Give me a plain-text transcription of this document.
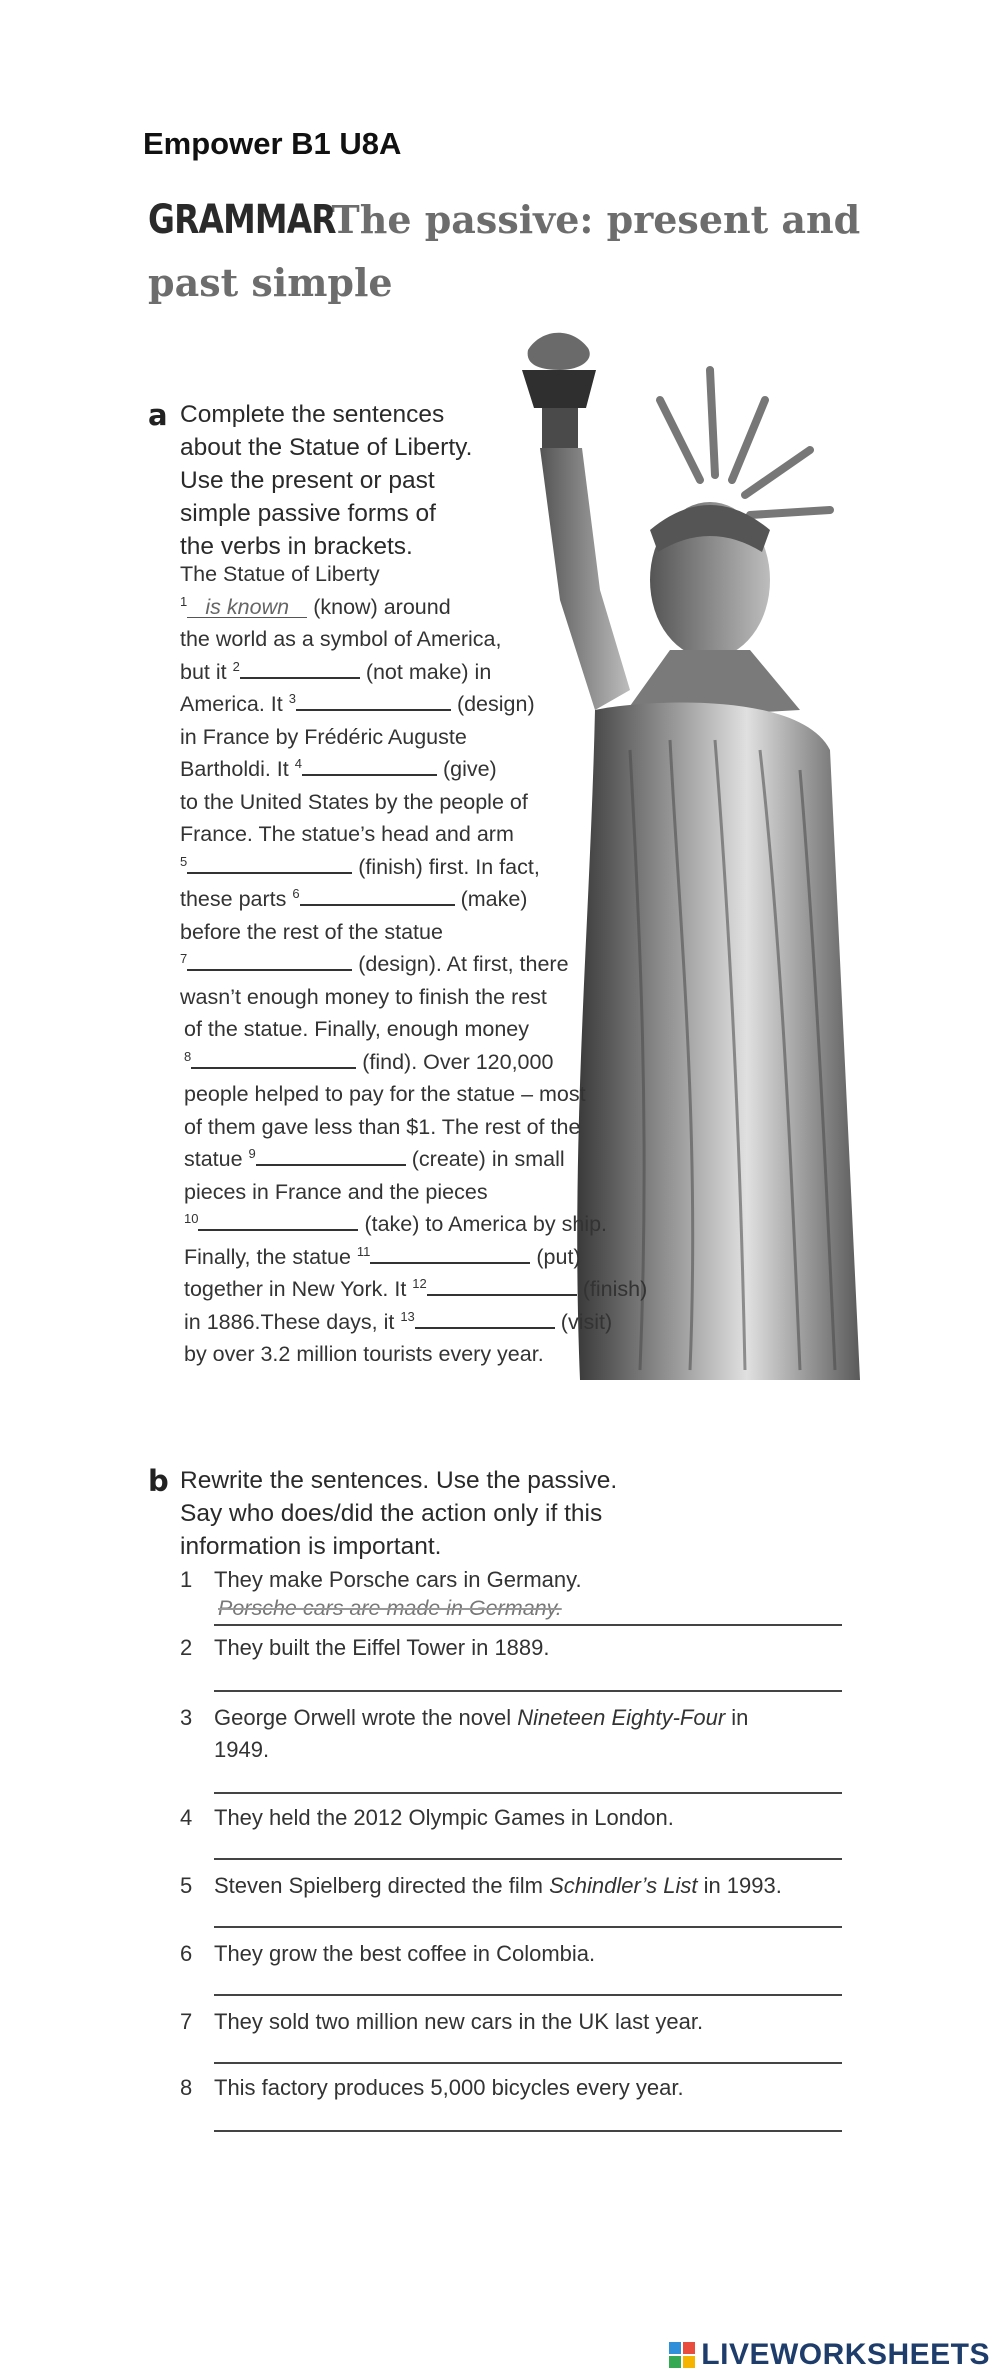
Empower B1 U8A
GRAMMAR The passive: present and past simple
a Complete the sentences
about the Statue of Liberty.
Use the present or past
simple passive forms of
the verbs in brackets.
The Statue of Liberty
$^1$ is known (know) around
the world as a symbol of America,
but it $^2$	(not make) in
America. It $^3$	(design)
in France by Frédéric Auguste
Bartholdi. It $^4$	(give)
to the United States by the people of
France. The statue’s head and arm
$^5$	(finish) first. In fact,
these parts $^6$	(make)
before the rest of the statue
$^7$	(design). At first, there
wasn’t enough money to finish the rest
of the statue. Finally, enough money
$^8$	(find). Over 120,000
people helped to pay for the statue – most
of them gave less than $1. The rest of the
statue $^9$	(create) in small
pieces in France and the pieces
$^{10}$	(take) to America by ship.
Finally, the statue $^{11}$	(put)
together in New York. It $^{12}$	(finish)
in 1886.These days, it $^{13}$	(visit)
by over 3.2 million tourists every year.
b Rewrite the sentences. Use the passive.
Say who does/did the action only if this
information is important.
1 They make Porsche cars in Germany.
Porsche cars are made in Germany.
2 They built the Eiffel Tower in 1889.
3 George Orwell wrote the novel Nineteen Eighty-Four in
1949.
4 They held the 2012 Olympic Games in London.
5 Steven Spielberg directed the film Schindler’s List in 1993.
6 They grow the best coffee in Colombia.
7 They sold two million new cars in the UK last year.
8 This factory produces 5,000 bicycles every year.
LIVEWORKSHEETS
